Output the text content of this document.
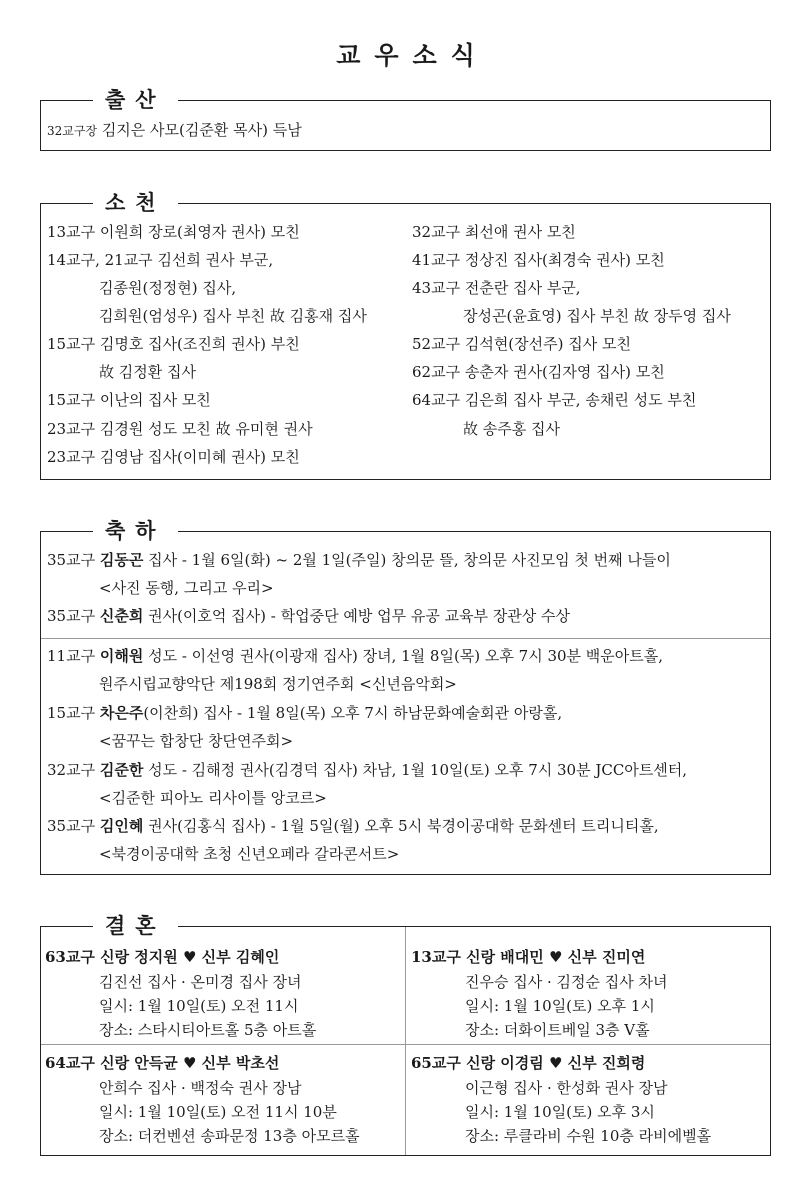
교우소식
출산
32교구장 김지은 사모(김준환 목사) 득남
소천
13교구 이원희 장로(최영자 권사) 모친
14교구, 21교구 김선희 권사 부군,
김종원(정정현) 집사,
김희원(엄성우) 집사 부친 故 김홍재 집사
15교구 김명호 집사(조진희 권사) 부친
故 김정환 집사
15교구 이난의 집사 모친
23교구 김경원 성도 모친 故 유미현 권사
23교구 김영남 집사(이미혜 권사) 모친
32교구 최선애 권사 모친
41교구 정상진 집사(최경숙 권사) 모친
43교구 전춘란 집사 부군,
장성곤(윤효영) 집사 부친 故 장두영 집사
52교구 김석현(장선주) 집사 모친
62교구 송춘자 권사(김자영 집사) 모친
64교구 김은희 집사 부군, 송채린 성도 부친
故 송주홍 집사
축하
35교구 김동곤 집사 - 1월 6일(화) ~ 2월 1일(주일) 창의문 뜰, 창의문 사진모임 첫 번째 나들이
<사진 동행, 그리고 우리>
35교구 신춘희 권사(이호억 집사) - 학업중단 예방 업무 유공 교육부 장관상 수상
11교구 이해원 성도 - 이선영 권사(이광재 집사) 장녀, 1월 8일(목) 오후 7시 30분 백운아트홀,
원주시립교향악단 제198회 정기연주회 <신년음악회>
15교구 차은주(이찬희) 집사 - 1월 8일(목) 오후 7시 하남문화예술회관 아랑홀,
<꿈꾸는 합창단 창단연주회>
32교구 김준한 성도 - 김해정 권사(김경덕 집사) 차남, 1월 10일(토) 오후 7시 30분 JCC아트센터,
<김준한 피아노 리사이틀 앙코르>
35교구 김인혜 권사(김홍식 집사) - 1월 5일(월) 오후 5시 북경이공대학 문화센터 트리니티홀,
<북경이공대학 초청 신년오페라 갈라콘서트>
결혼
63교구 신랑 정지원 ♥ 신부 김혜인
김진선 집사 · 온미경 집사 장녀
일시: 1월 10일(토) 오전 11시
장소: 스타시티아트홀 5층 아트홀
13교구 신랑 배대민 ♥ 신부 진미연
진우승 집사 · 김정순 집사 차녀
일시: 1월 10일(토) 오후 1시
장소: 더화이트베일 3층 V홀
64교구 신랑 안득균 ♥ 신부 박초선
안희수 집사 · 백정숙 권사 장남
일시: 1월 10일(토) 오전 11시 10분
장소: 더컨벤션 송파문정 13층 아모르홀
65교구 신랑 이경림 ♥ 신부 진희령
이근형 집사 · 한성화 권사 장남
일시: 1월 10일(토) 오후 3시
장소: 루클라비 수원 10층 라비에벨홀
